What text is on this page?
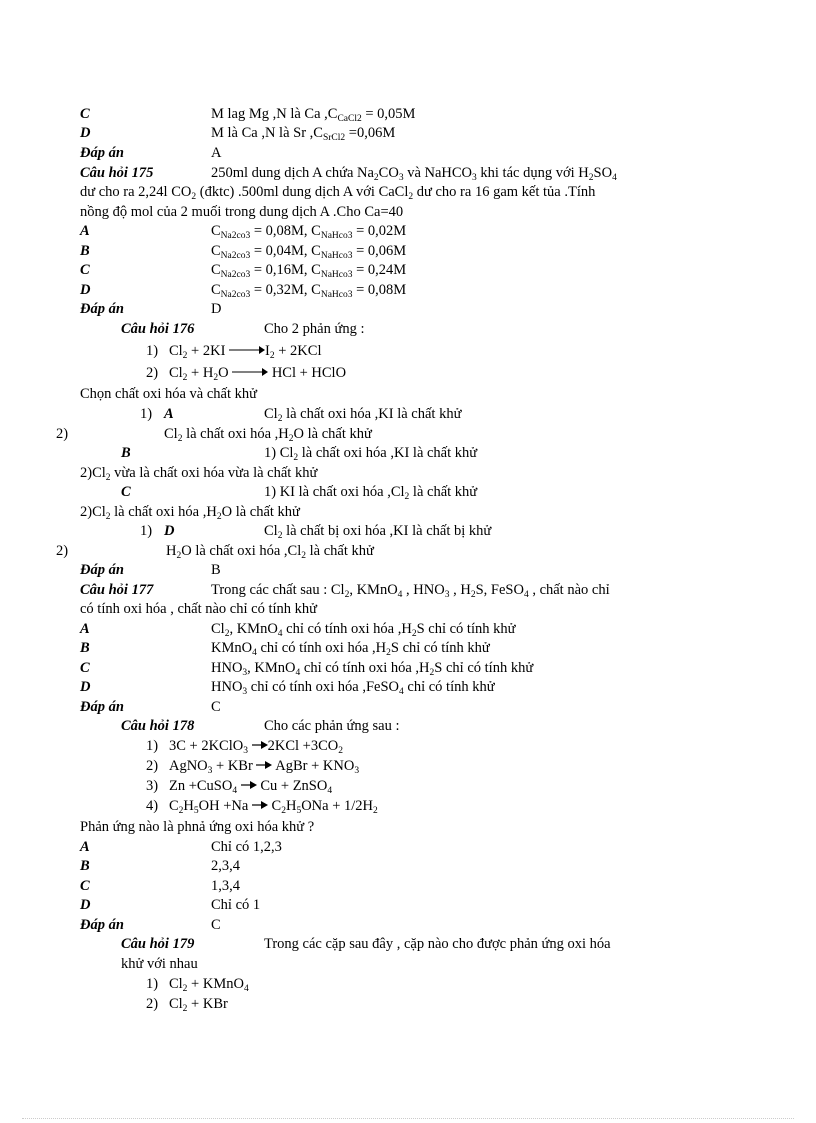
C	M lag Mg ,N là Ca $,C_{CaCl2} = 0,05M$
D	M là Ca ,N là Sr $,C_{SrCl2} =0,06M$
Đáp án	A
Câu hỏi 175	250ml dung dịch A chứa $Na_2CO_3$ và NaHCO$_3$ khi tác dụng với $H_2SO_4$
dư cho ra 2,24l $CO_2$ (đktc) .500ml dung dịch A với CaCl$_2$ dư cho ra 16 gam kết tủa .Tính
nồng độ mol của 2 muối trong dung dịch A .Cho Ca=40
A	$C_{Na2co3} = 0,08M$, $C_{NaHco3} = 0,02M$
B	$C_{Na2co3} = 0,04M$, $C_{NaHco3} = 0,06M$
C	$C_{Na2co3} = 0,16M$, $C_{NaHco3} = 0,24M$
D	$C_{Na2co3} = 0,32M$, $C_{NaHco3} = 0,08M$
Đáp án	D
Câu hỏi 176	Cho 2 phản ứng :
1) $Cl_2 + 2KI \to I_2 + 2KCl$
2) $Cl_2 + H_2O$ → HCl + HClO
Chọn chất oxi hóa và chất khử
1) A	$Cl_2$ là chất oxi hóa ,KI là chất khử
2)	$Cl_2$ là chất oxi hóa $,H_2O$ là chất khử
B	1) $Cl_2$ là chất oxi hóa ,KI là chất khử
$2)Cl_2$ vừa là chất oxi hóa vừa là chất khử
C	1) KI là chất oxi hóa $,Cl_2$ là chất khử
$2)Cl_2$ là chất oxi hóa $,H_2O$ là chất khử
1) D	$Cl_2$ là chất bị oxi hóa ,KI là chất bị khử
2)	$H_2O$ là chất oxi hóa $,Cl_2$ là chất khử
Đáp án	B
Câu hỏi 177	Trong các chất sau : $Cl_2$, KMnO$_4$ , $HNO_3$ , $H_2S$, FeSO$_4$ , chất nào chỉ
có tính oxi hóa , chất nào chỉ có tính khử
A	$Cl_2$, KMnO$_4$ chỉ có tính oxi hóa $,H_2S$ chỉ có tính khử
B	KMnO$_4$ chỉ có tính oxi hóa $,H_2S$ chỉ có tính khử
C	$HNO_3$, KMnO$_4$ chỉ có tính oxi hóa $,H_2S$ chỉ có tính khử
D	$HNO_3$ chỉ có tính oxi hóa ,FeSO$_4$ chỉ có tính khử
Đáp án	C
Câu hỏi 178	Cho các phản ứng sau :
1) 3C + 2KClO$_3$ $\to 2KCl +3CO_2$
2) AgNO$_3$ + KBr → AgBr + $KNO_3$
3) Zn +CuSO$_4$ → Cu + ZnSO$_4$
4) $C_2H_5OH +Na \to C_2H_5ONa + 1/2H_2$
Phản ứng nào là phnả ứng oxi hóa khử ?
A	Chỉ có 1,2,3
B	2,3,4
C	1,3,4
D	Chỉ có 1
Đáp án	C
Câu hỏi 179	Trong các cặp sau đây , cặp nào cho được phản ứng oxi hóa
khử với nhau
1) $Cl_2$ + KMnO$_4$
2) $Cl_2$ + KBr
